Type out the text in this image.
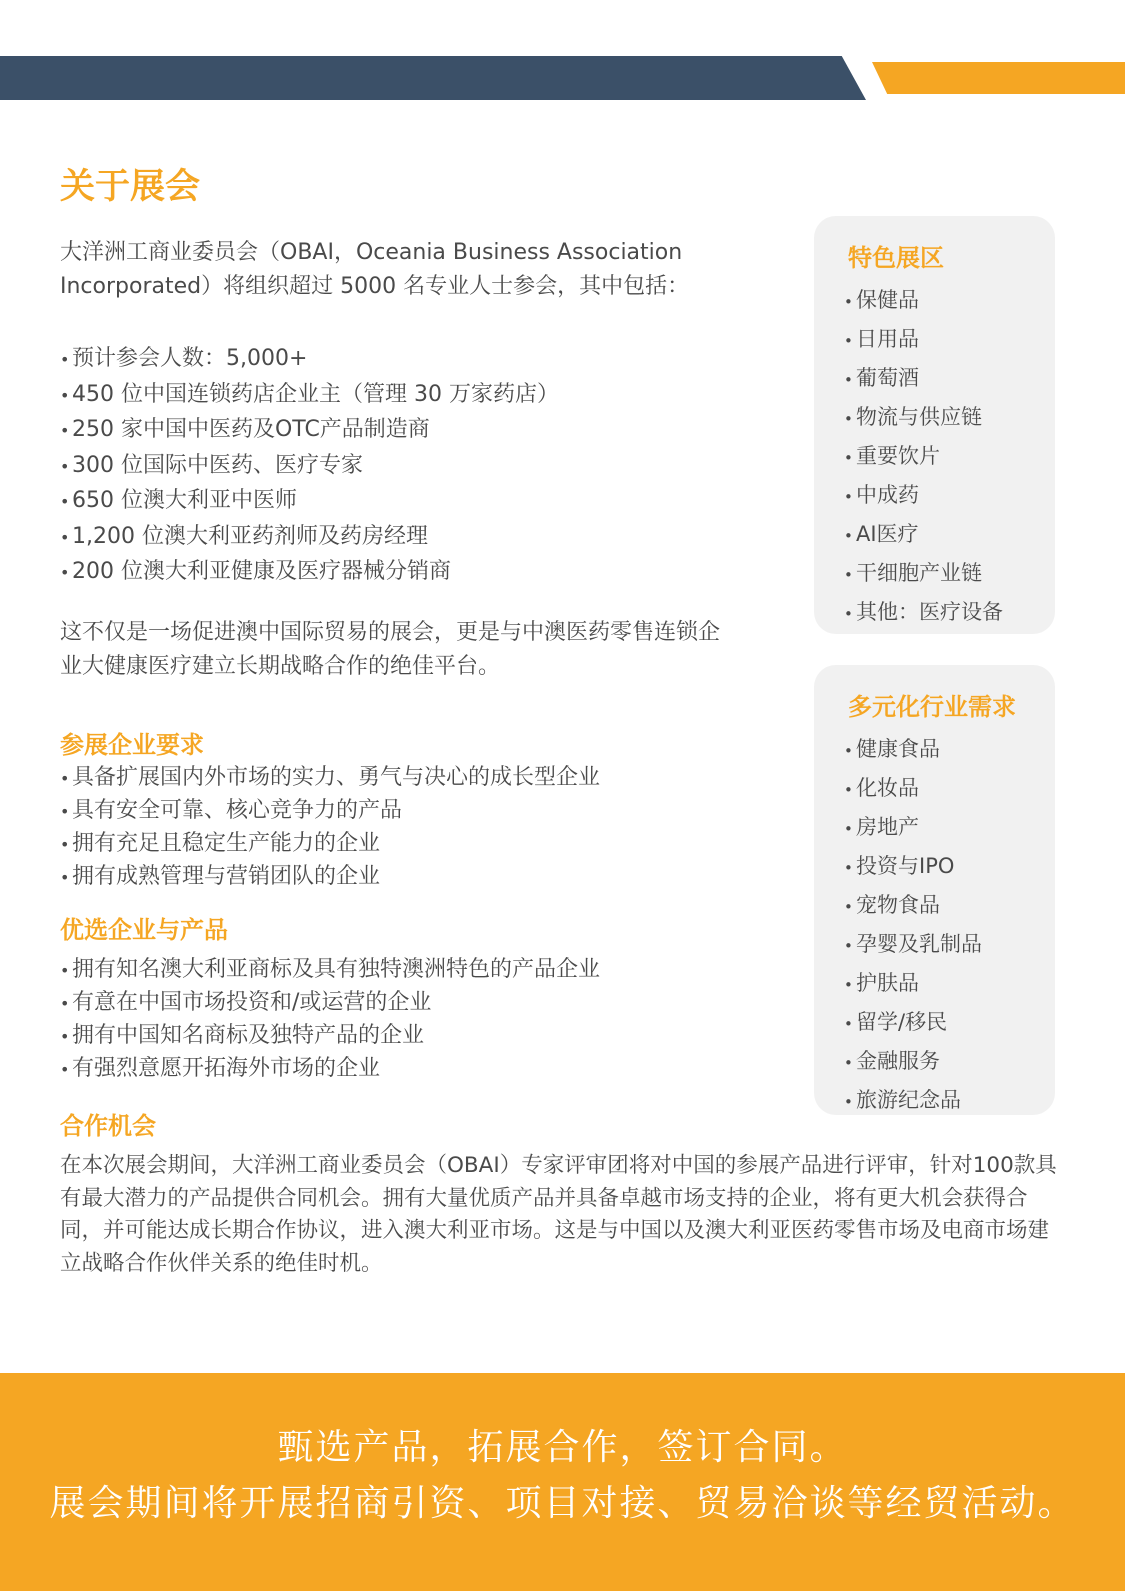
关于展会

大洋洲工商业委员会（OBAI，Oceania Business Association Incorporated）将组织超过 5000 名专业人士参会，其中包括：

• 预计参会人数：5,000+
• 450 位中国连锁药店企业主（管理 30 万家药店）
• 250 家中国中医药及OTC产品制造商
• 300 位国际中医药、医疗专家
• 650 位澳大利亚中医师
• 1,200 位澳大利亚药剂师及药房经理
• 200 位澳大利亚健康及医疗器械分销商

这不仅是一场促进澳中国际贸易的展会，更是与中澳医药零售连锁企业大健康医疗建立长期战略合作的绝佳平台。

参展企业要求
• 具备扩展国内外市场的实力、勇气与决心的成长型企业
• 具有安全可靠、核心竞争力的产品
• 拥有充足且稳定生产能力的企业
• 拥有成熟管理与营销团队的企业
优选企业与产品
• 拥有知名澳大利亚商标及具有独特澳洲特色的产品企业
• 有意在中国市场投资和/或运营的企业
• 拥有中国知名商标及独特产品的企业
• 有强烈意愿开拓海外市场的企业
合作机会

在本次展会期间，大洋洲工商业委员会（OBAI）专家评审团将对中国的参展产品进行评审，针对100款具有最大潜力的产品提供合同机会。拥有大量优质产品并具备卓越市场支持的企业，将有更大机会获得合同，并可能达成长期合作协议，进入澳大利亚市场。这是与中国以及澳大利亚医药零售市场及电商市场建立战略合作伙伴关系的绝佳时机。

特色展区
• 保健品
• 日用品
• 葡萄酒
• 物流与供应链
• 重要饮片
• 中成药
• AI医疗
• 干细胞产业链
• 其他：医疗设备
多元化行业需求
• 健康食品
• 化妆品
• 房地产
• 投资与IPO
• 宠物食品
• 孕婴及乳制品
• 护肤品
• 留学/移民
• 金融服务
• 旅游纪念品

甄选产品，拓展合作，签订合同。

展会期间将开展招商引资、项目对接、贸易洽谈等经贸活动。
